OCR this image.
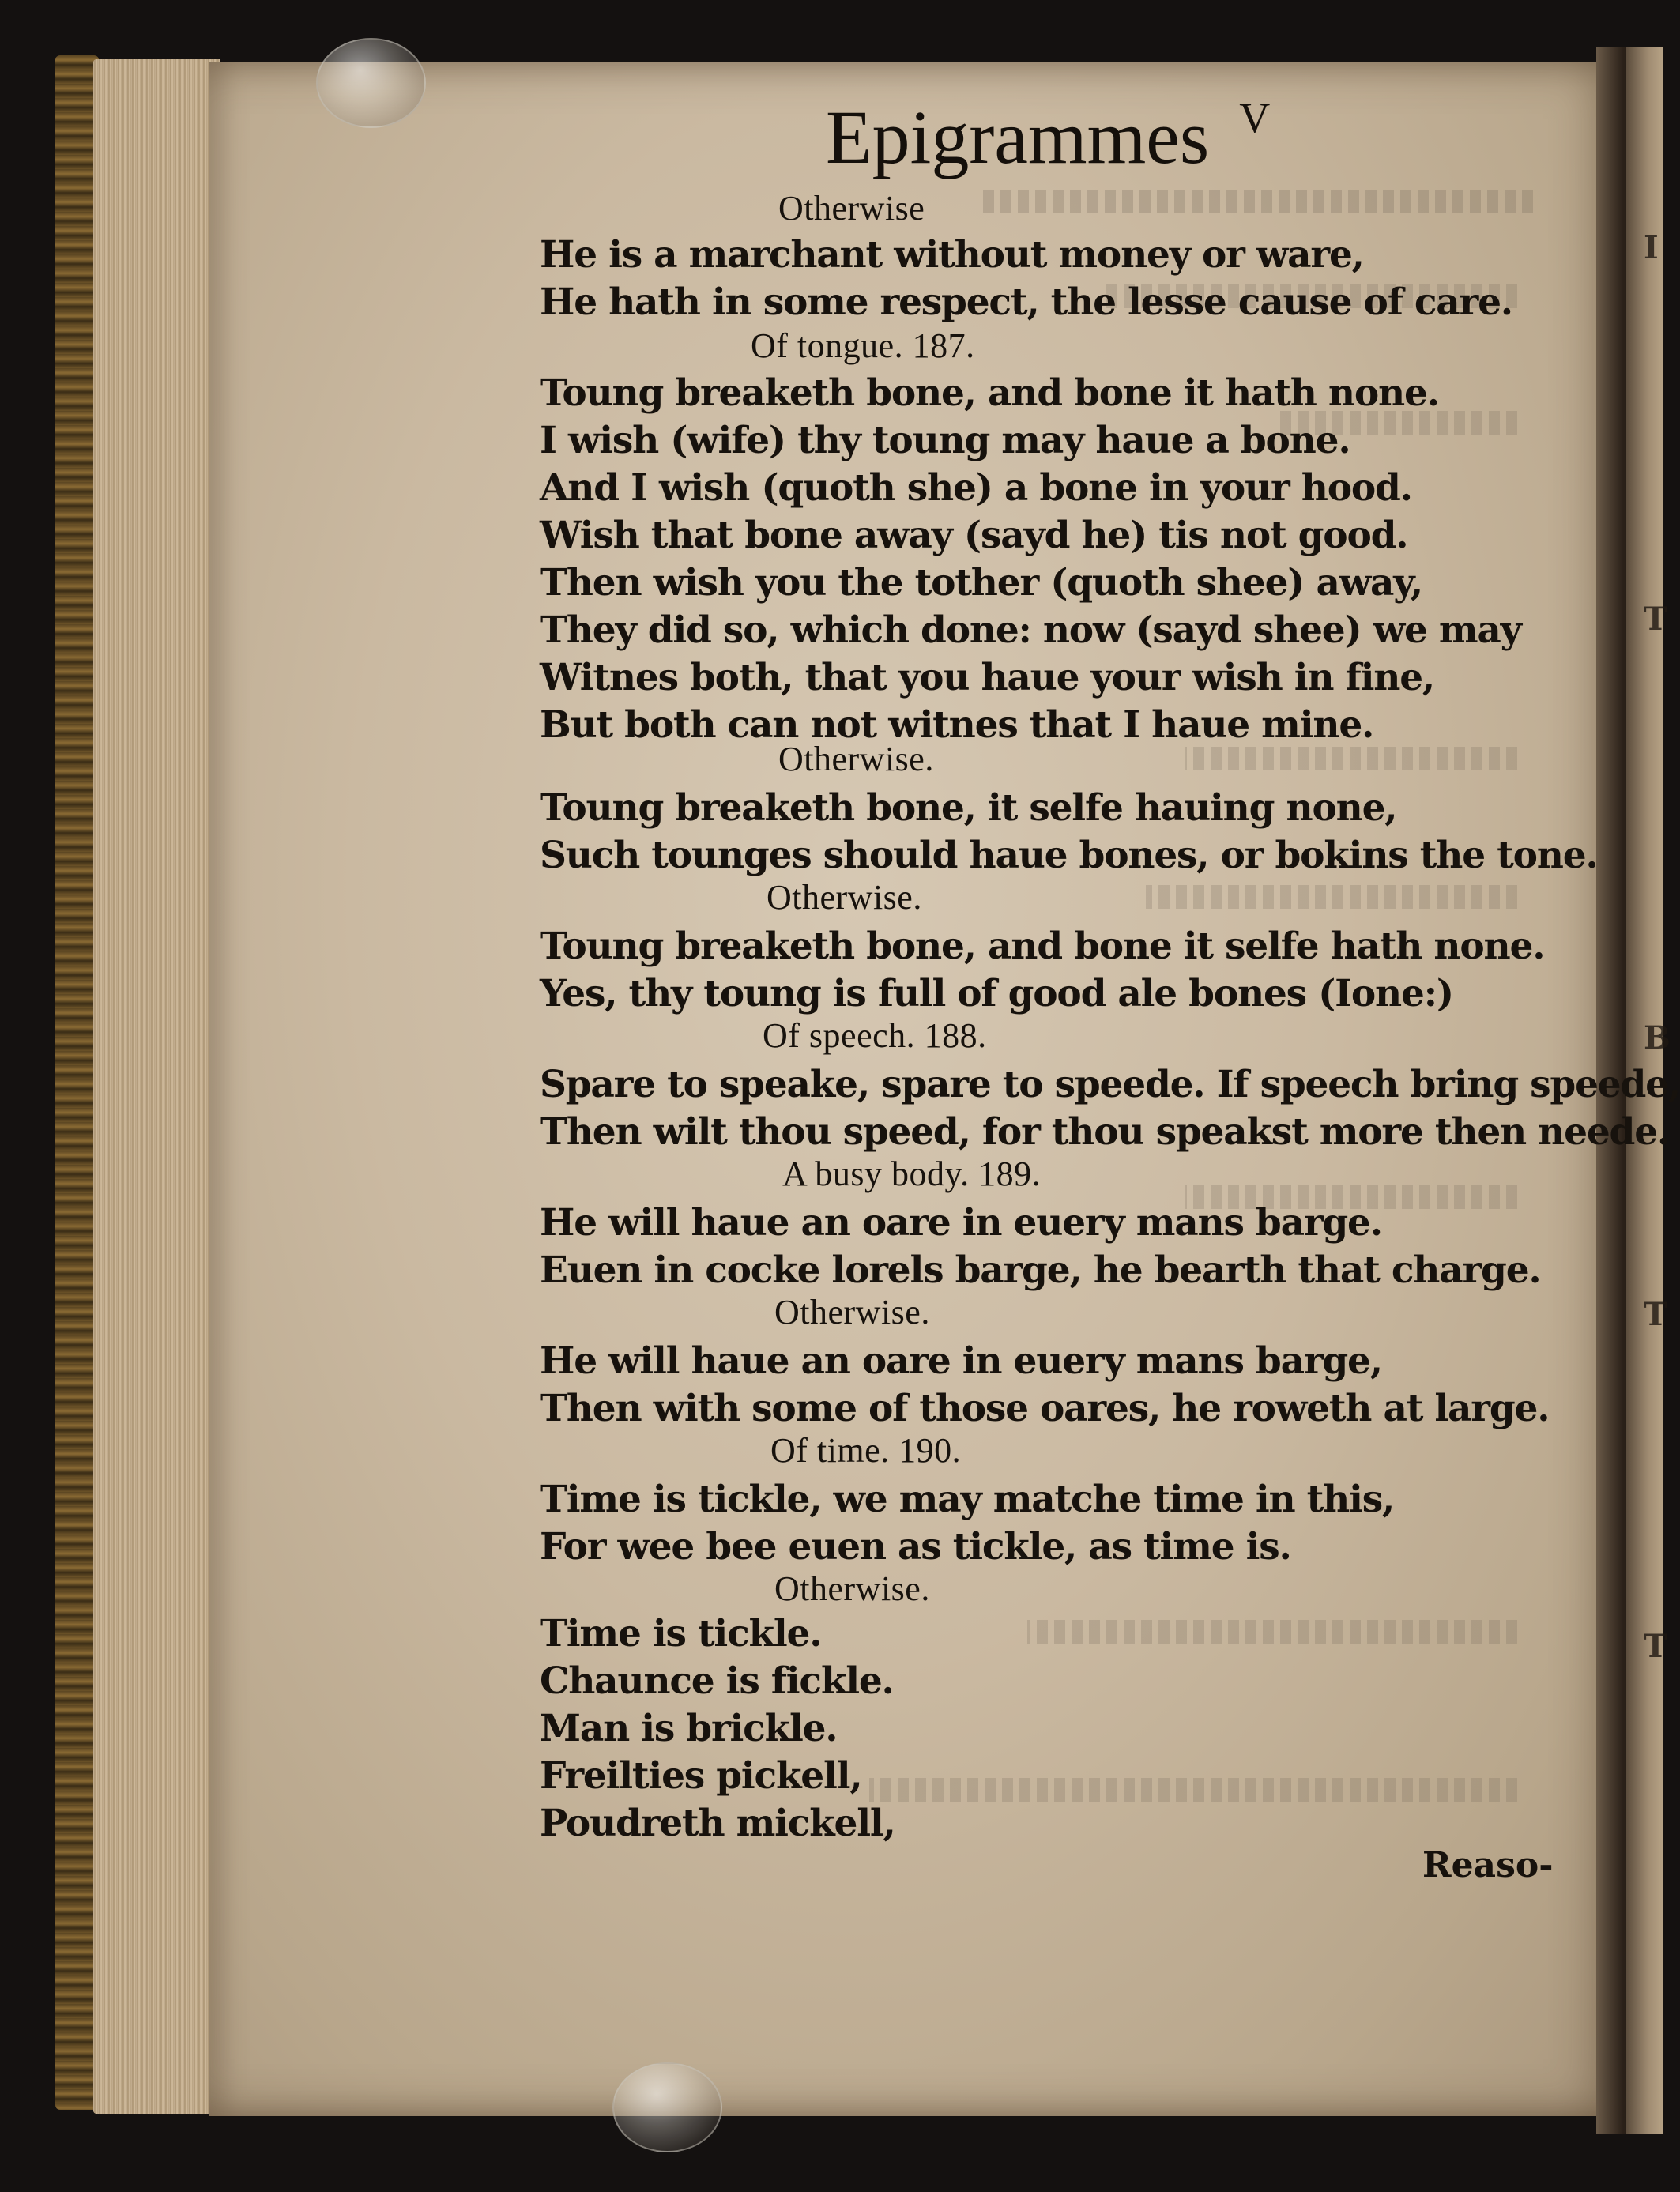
I
T
B
T
T
Epigrammes $^V$
Otherwise
He is a marchant without money or ware,
He hath in some respect, the lesse cause of care.
Of tongue. 187.
Toung breaketh bone, and bone it hath none.
I wish (wife) thy toung may haue a bone.
And I wish (quoth she) a bone in your hood.
Wish that bone away (sayd he) tis not good.
Then wish you the tother (quoth shee) away,
They did so, which done: now (sayd shee) we may
Witnes both, that you haue your wish in fine,
But both can not witnes that I haue mine.
Otherwise.
Toung breaketh bone, it selfe hauing none,
Such tounges should haue bones, or bokins the tone.
Otherwise.
Toung breaketh bone, and bone it selfe hath none.
Yes, thy toung is full of good ale bones (Ione:)
Of speech. 188.
Spare to speake, spare to speede. If speech bring speede,
Then wilt thou speed, for thou speakst more then neede.
A busy body. 189.
He will haue an oare in euery mans barge.
Euen in cocke lorels barge, he bearth that charge.
Otherwise.
He will haue an oare in euery mans barge,
Then with some of those oares, he roweth at large.
Of time. 190.
Time is tickle, we may matche time in this,
For wee bee euen as tickle, as time is.
Otherwise.
Time is tickle.
Chaunce is fickle.
Man is brickle.
Freilties pickell,
Poudreth mickell,
Reaso-
